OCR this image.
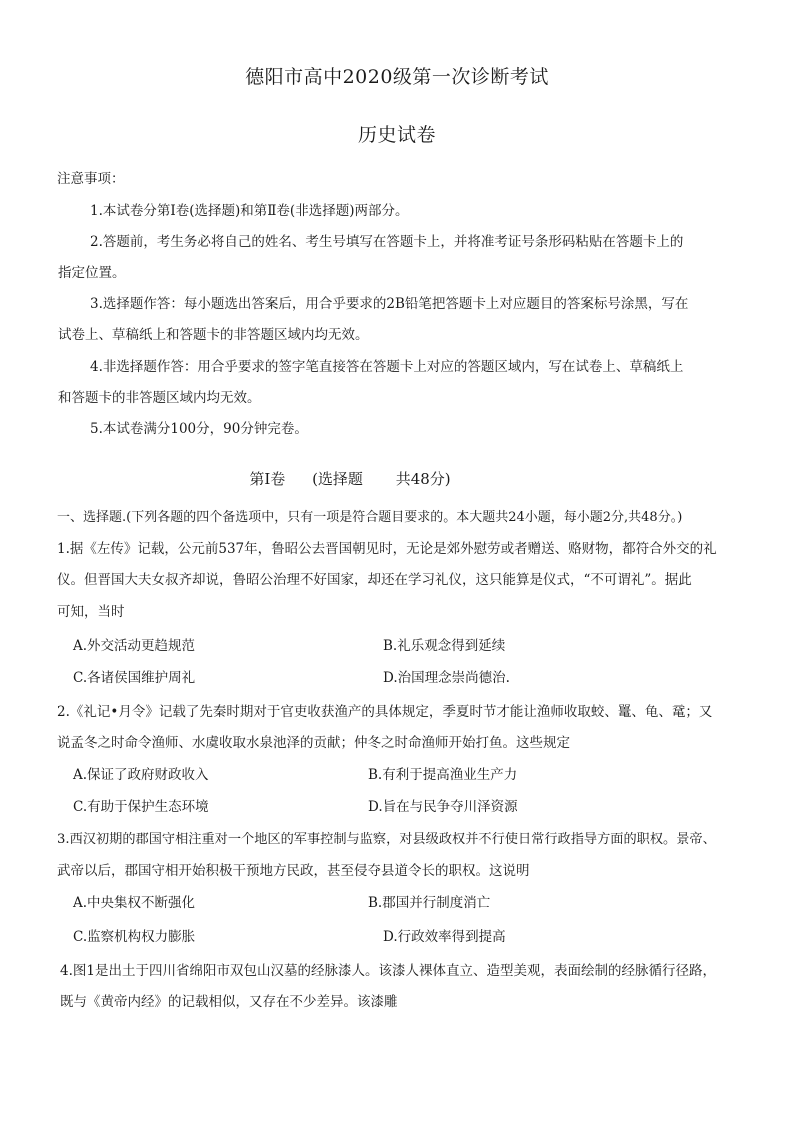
德阳市高中2020级第一次诊断考试
历史试卷
注意事项：
1.本试卷分第Ⅰ卷(选择题)和第Ⅱ卷(非选择题)两部分。
2.答题前，考生务必将自己的姓名、考生号填写在答题卡上，并将准考证号条形码粘贴在答题卡上的
指定位置。
3.选择题作答：每小题选出答案后，用合乎要求的2B铅笔把答题卡上对应题目的答案标号涂黑，写在
试卷上、草稿纸上和答题卡的非答题区域内均无效。
4.非选择题作答：用合乎要求的签字笔直接答在答题卡上对应的答题区域内，写在试卷上、草稿纸上
和答题卡的非答题区域内均无效。
5.本试卷满分100分，90分钟完卷。
第Ⅰ卷 (选择题 共48分)
一、选择题.(下列各题的四个备选项中，只有一项是符合题目要求的。本大题共24小题，每小题2分,共48分。)
1.据《左传》记载，公元前537年，鲁昭公去晋国朝见时，无论是郊外慰劳或者赠送、赂财物，都符合外交的礼
仪。但晋国大夫女叔齐却说，鲁昭公治理不好国家，却还在学习礼仪，这只能算是仪式，“不可谓礼”。据此
可知，当时
A.外交活动更趋规范	B.礼乐观念得到延续
C.各诸侯国维护周礼	D.治国理念崇尚德治.
2.《礼记•月令》记载了先秦时期对于官吏收获渔产的具体规定，季夏时节才能让渔师收取蛟、鼍、龟、鼋；又
说孟冬之时命令渔师、水虞收取水泉池泽的贡献；仲冬之时命渔师开始打鱼。这些规定
A.保证了政府财政收入	B.有利于提高渔业生产力
C.有助于保护生态环境	D.旨在与民争夺川泽资源
3.西汉初期的郡国守相注重对一个地区的军事控制与监察，对县级政权并不行使日常行政指导方面的职权。景帝、
武帝以后，郡国守相开始积极干预地方民政，甚至侵夺县道令长的职权。这说明
A.中央集权不断强化	B.郡国并行制度消亡
C.监察机构权力膨胀	D.行政效率得到提高
4.图1是出土于四川省绵阳市双包山汉墓的经脉漆人。该漆人裸体直立、造型美观，表面绘制的经脉循行径路，
既与《黄帝内经》的记载相似，又存在不少差异。该漆雕
